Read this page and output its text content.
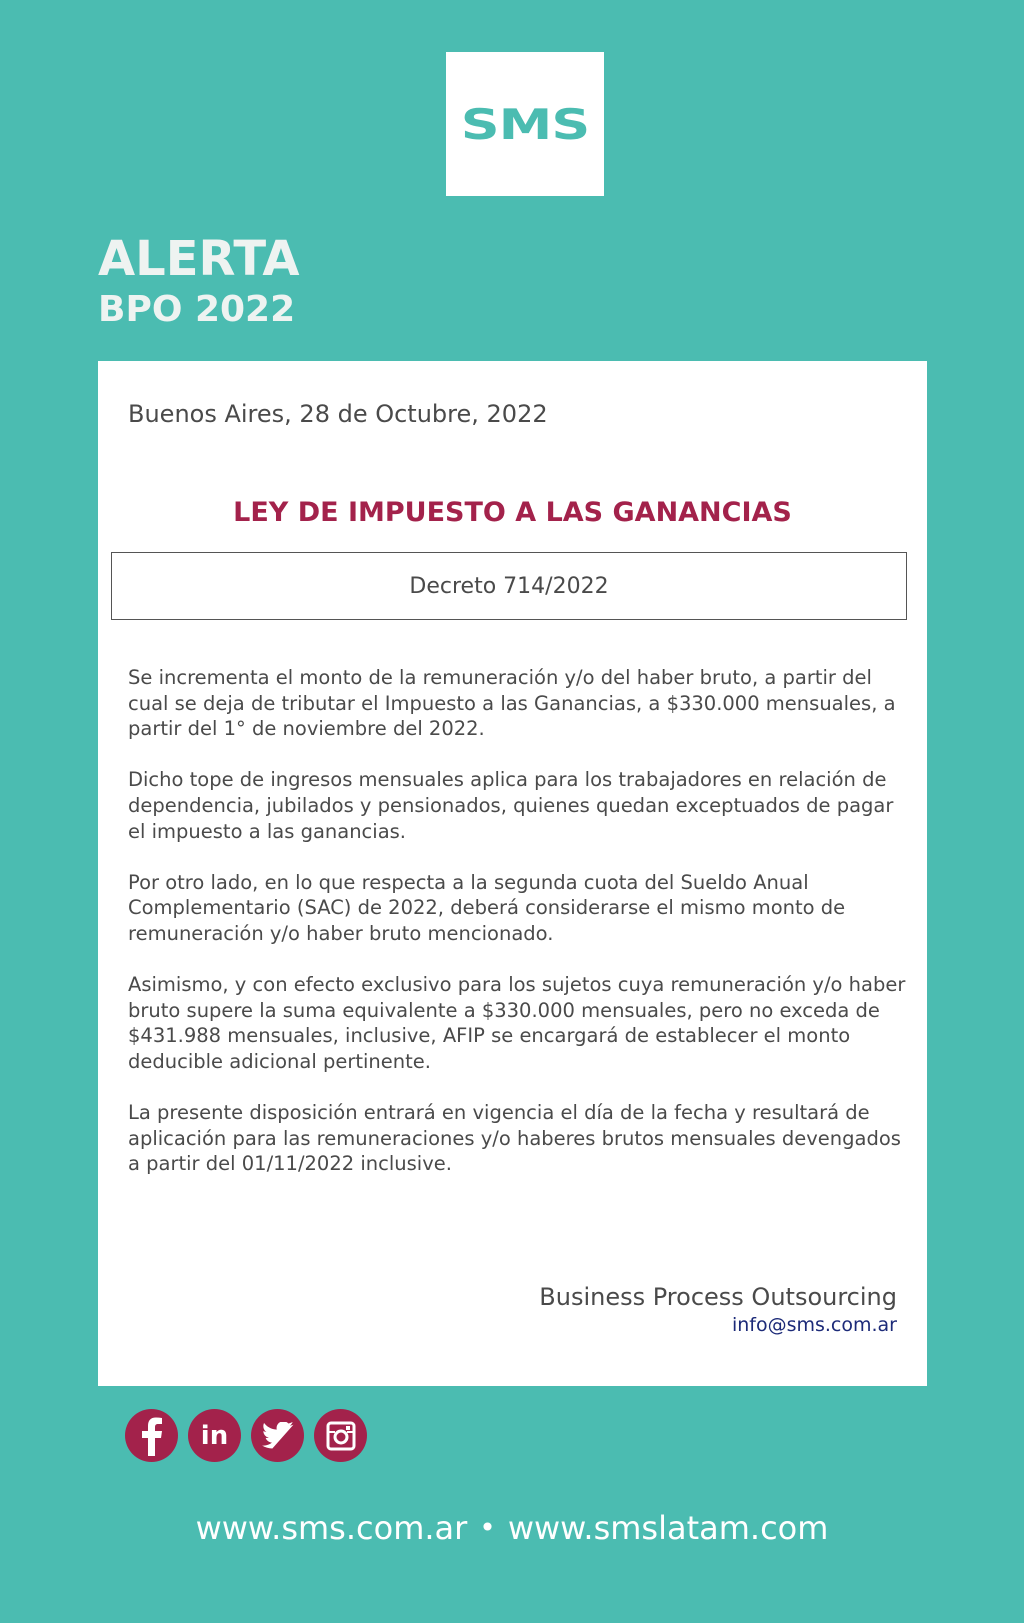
SMS
ALERTA
BPO 2022
Buenos Aires, 28 de Octubre, 2022
LEY DE IMPUESTO A LAS GANANCIAS
Decreto 714/2022

Se incrementa el monto de la remuneración y/o del haber bruto, a partir del cual se deja de tributar el Impuesto a las Ganancias, a $330.000 mensuales, a partir del 1° de noviembre del 2022.

Dicho tope de ingresos mensuales aplica para los trabajadores en relación de dependencia, jubilados y pensionados, quienes quedan exceptuados de pagar el impuesto a las ganancias.

Por otro lado, en lo que respecta a la segunda cuota del Sueldo Anual Complementario (SAC) de 2022, deberá considerarse el mismo monto de remuneración y/o haber bruto mencionado.

Asimismo, y con efecto exclusivo para los sujetos cuya remuneración y/o haber bruto supere la suma equivalente a $330.000 mensuales, pero no exceda de $431.988 mensuales, inclusive, AFIP se encargará de establecer el monto deducible adicional pertinente.

La presente disposición entrará en vigencia el día de la fecha y resultará de aplicación para las remuneraciones y/o haberes brutos mensuales devengados a partir del 01/11/2022 inclusive.

Business Process Outsourcing
info@sms.com.ar
in
www.sms.com.ar • www.smslatam.com
